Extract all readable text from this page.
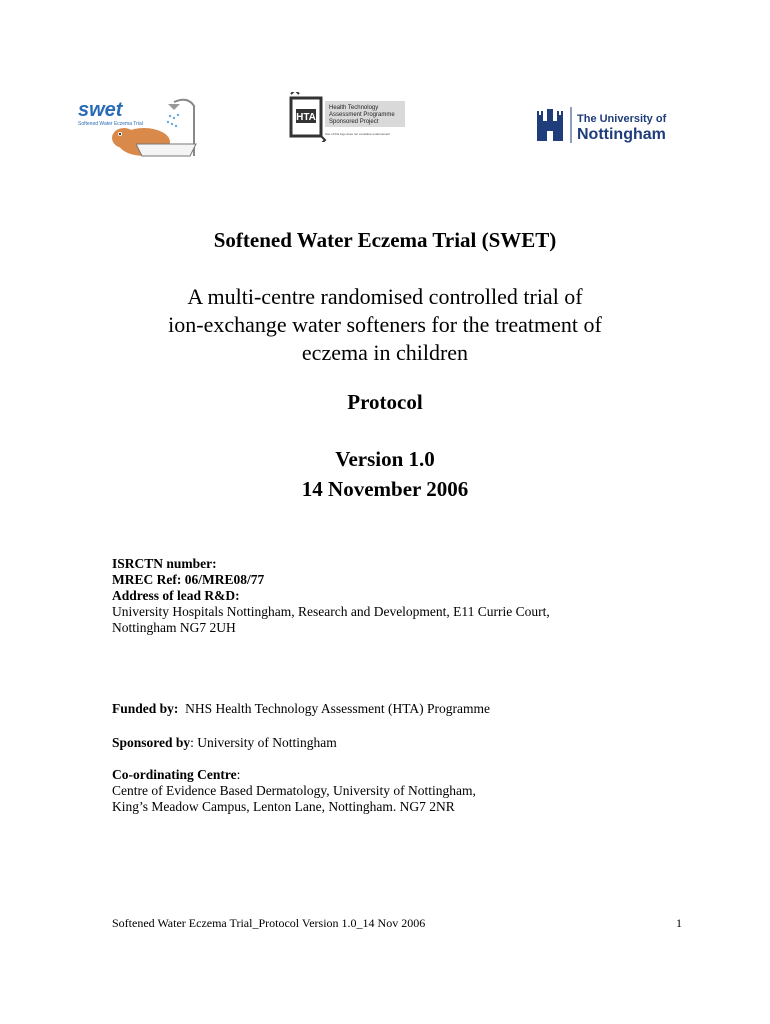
swet
Softened Water Eczema Trial
HTA
Health Technology
Assessment Programme
Sponsored Project
Use of this logo does not constitute endorsement
The University of
Nottingham
Softened Water Eczema Trial (SWET)
A multi-centre randomised controlled trial of
ion-exchange water softeners for the treatment of
eczema in children
Protocol
Version 1.0
14 November 2006
ISRCTN number:
MREC Ref: 06/MRE08/77
Address of lead R&D:
University Hospitals Nottingham, Research and Development, E11 Currie Court,
Nottingham NG7 2UH
Funded by: NHS Health Technology Assessment (HTA) Programme
Sponsored by: University of Nottingham
Co-ordinating Centre:
Centre of Evidence Based Dermatology, University of Nottingham,
King’s Meadow Campus, Lenton Lane, Nottingham. NG7 2NR
Softened Water Eczema Trial_Protocol Version 1.0_14 Nov 2006	1
